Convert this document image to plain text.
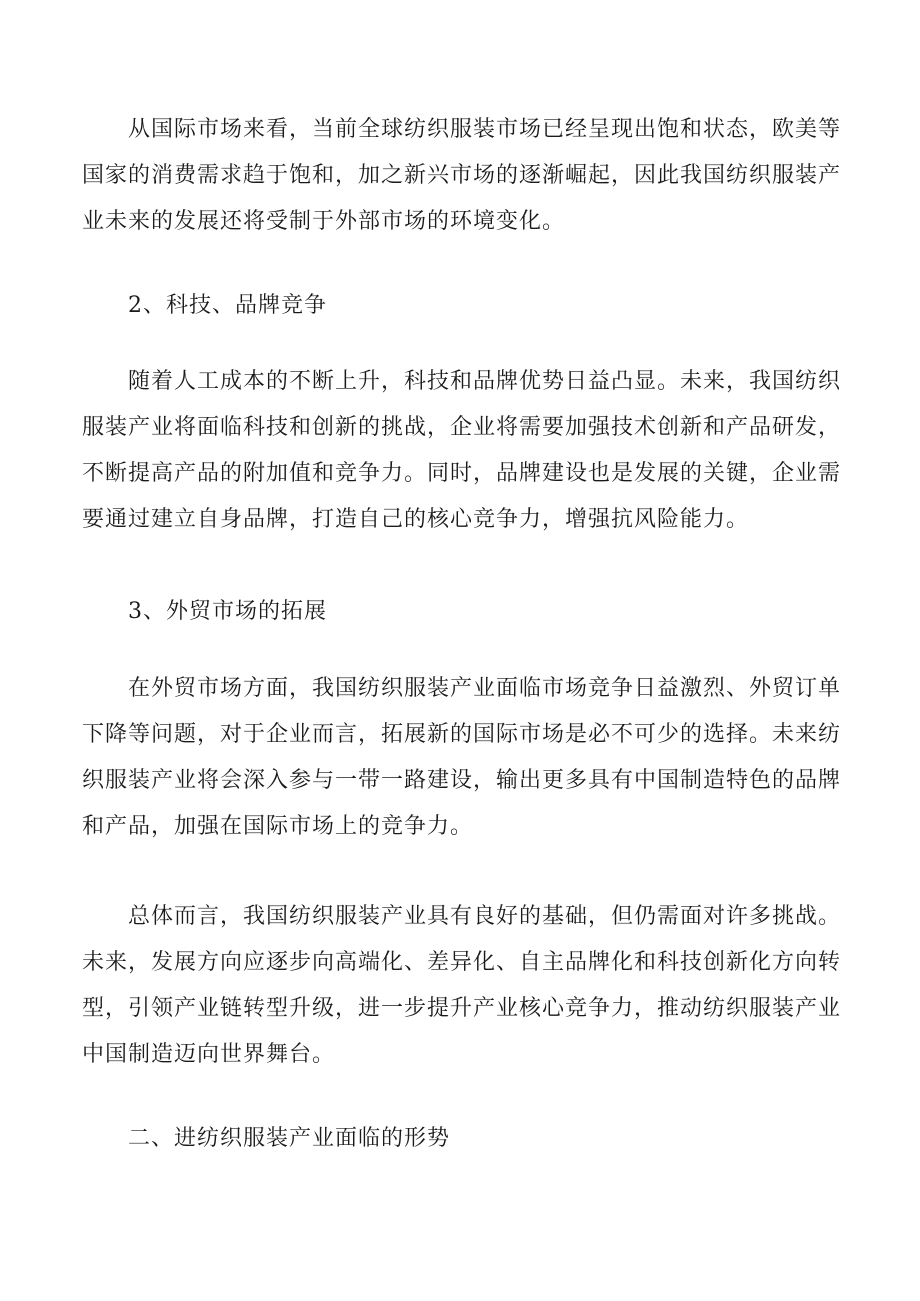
从国际市场来看，当前全球纺织服装市场已经呈现出饱和状态，欧美等
国家的消费需求趋于饱和，加之新兴市场的逐渐崛起，因此我国纺织服装产
业未来的发展还将受制于外部市场的环境变化。
2、科技、品牌竞争
随着人工成本的不断上升，科技和品牌优势日益凸显。未来，我国纺织
服装产业将面临科技和创新的挑战，企业将需要加强技术创新和产品研发，
不断提高产品的附加值和竞争力。同时，品牌建设也是发展的关键，企业需
要通过建立自身品牌，打造自己的核心竞争力，增强抗风险能力。
3、外贸市场的拓展
在外贸市场方面，我国纺织服装产业面临市场竞争日益激烈、外贸订单
下降等问题，对于企业而言，拓展新的国际市场是必不可少的选择。未来纺
织服装产业将会深入参与一带一路建设，输出更多具有中国制造特色的品牌
和产品，加强在国际市场上的竞争力。
总体而言，我国纺织服装产业具有良好的基础，但仍需面对许多挑战。
未来，发展方向应逐步向高端化、差异化、自主品牌化和科技创新化方向转
型，引领产业链转型升级，进一步提升产业核心竞争力，推动纺织服装产业
中国制造迈向世界舞台。
二、进纺织服装产业面临的形势
